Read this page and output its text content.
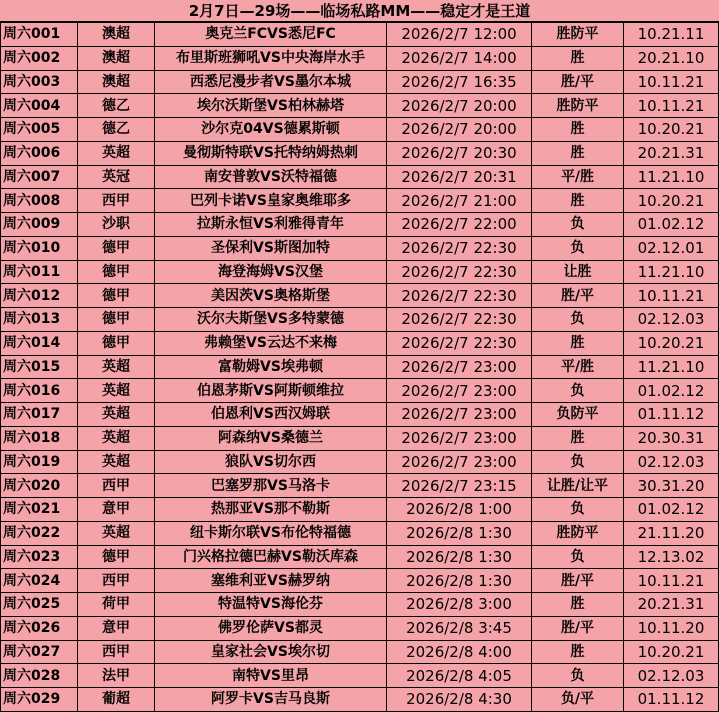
2月7日—29场——临场私路MM——稳定才是王道
周六001	澳超	奥克兰FCVS悉尼FC	2026/2/7 12:00	胜防平	10.21.11
周六002	澳超	布里斯班狮吼VS中央海岸水手	2026/2/7 14:00	胜	20.21.10
周六003	澳超	西悉尼漫步者VS墨尔本城	2026/2/7 16:35	胜/平	10.11.21
周六004	德乙	埃尔沃斯堡VS柏林赫塔	2026/2/7 20:00	胜防平	10.11.21
周六005	德乙	沙尔克04VS德累斯顿	2026/2/7 20:00	胜	10.20.21
周六006	英超	曼彻斯特联VS托特纳姆热刺	2026/2/7 20:30	胜	20.21.31
周六007	英冠	南安普敦VS沃特福德	2026/2/7 20:31	平/胜	11.21.10
周六008	西甲	巴列卡诺VS皇家奥维耶多	2026/2/7 21:00	胜	10.20.21
周六009	沙职	拉斯永恒VS利雅得青年	2026/2/7 22:00	负	01.02.12
周六010	德甲	圣保利VS斯图加特	2026/2/7 22:30	负	02.12.01
周六011	德甲	海登海姆VS汉堡	2026/2/7 22:30	让胜	11.21.10
周六012	德甲	美因茨VS奥格斯堡	2026/2/7 22:30	胜/平	10.11.21
周六013	德甲	沃尔夫斯堡VS多特蒙德	2026/2/7 22:30	负	02.12.03
周六014	德甲	弗赖堡VS云达不来梅	2026/2/7 22:30	胜	10.20.21
周六015	英超	富勒姆VS埃弗顿	2026/2/7 23:00	平/胜	11.21.10
周六016	英超	伯恩茅斯VS阿斯顿维拉	2026/2/7 23:00	负	01.02.12
周六017	英超	伯恩利VS西汉姆联	2026/2/7 23:00	负防平	01.11.12
周六018	英超	阿森纳VS桑德兰	2026/2/7 23:00	胜	20.30.31
周六019	英超	狼队VS切尔西	2026/2/7 23:00	负	02.12.03
周六020	西甲	巴塞罗那VS马洛卡	2026/2/7 23:15	让胜/让平	30.31.20
周六021	意甲	热那亚VS那不勒斯	2026/2/8 1:00	负	01.02.12
周六022	英超	纽卡斯尔联VS布伦特福德	2026/2/8 1:30	胜防平	21.11.20
周六023	德甲	门兴格拉德巴赫VS勒沃库森	2026/2/8 1:30	负	12.13.02
周六024	西甲	塞维利亚VS赫罗纳	2026/2/8 1:30	胜/平	10.11.21
周六025	荷甲	特温特VS海伦芬	2026/2/8 3:00	胜	20.21.31
周六026	意甲	佛罗伦萨VS都灵	2026/2/8 3:45	胜/平	10.11.20
周六027	西甲	皇家社会VS埃尔切	2026/2/8 4:00	胜	10.20.21
周六028	法甲	南特VS里昂	2026/2/8 4:05	负	02.12.03
周六029	葡超	阿罗卡VS吉马良斯	2026/2/8 4:30	负/平	01.11.12
